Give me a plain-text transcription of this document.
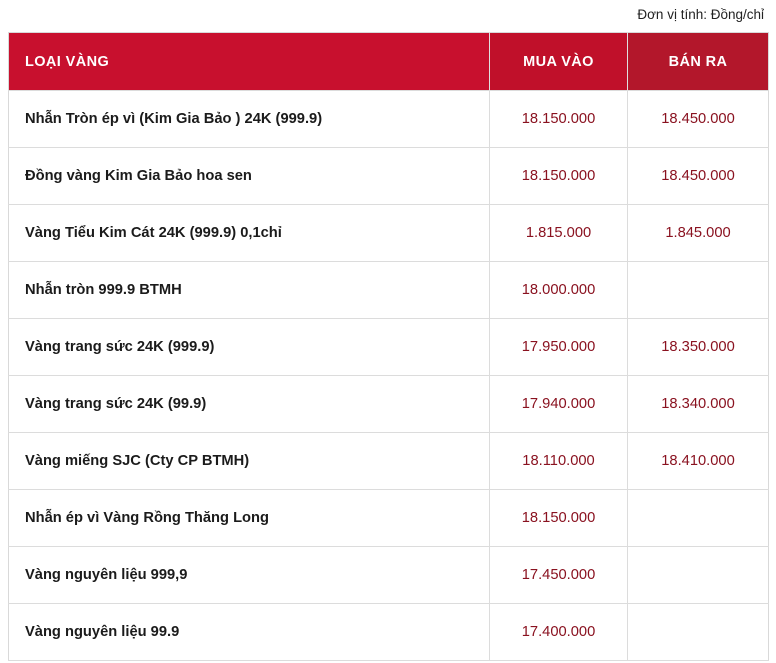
Đơn vị tính: Đồng/chỉ
LOẠI VÀNG	MUA VÀO	BÁN RA
Nhẫn Tròn ép vì (Kim Gia Bảo ) 24K (999.9)	18.150.000	18.450.000
Đồng vàng Kim Gia Bảo hoa sen	18.150.000	18.450.000
Vàng Tiểu Kim Cát 24K (999.9) 0,1chỉ	1.815.000	1.845.000
Nhẫn tròn 999.9 BTMH	18.000.000	
Vàng trang sức 24K (999.9)	17.950.000	18.350.000
Vàng trang sức 24K (99.9)	17.940.000	18.340.000
Vàng miếng SJC (Cty CP BTMH)	18.110.000	18.410.000
Nhẫn ép vì Vàng Rồng Thăng Long	18.150.000	
Vàng nguyên liệu 999,9	17.450.000	
Vàng nguyên liệu 99.9	17.400.000	
